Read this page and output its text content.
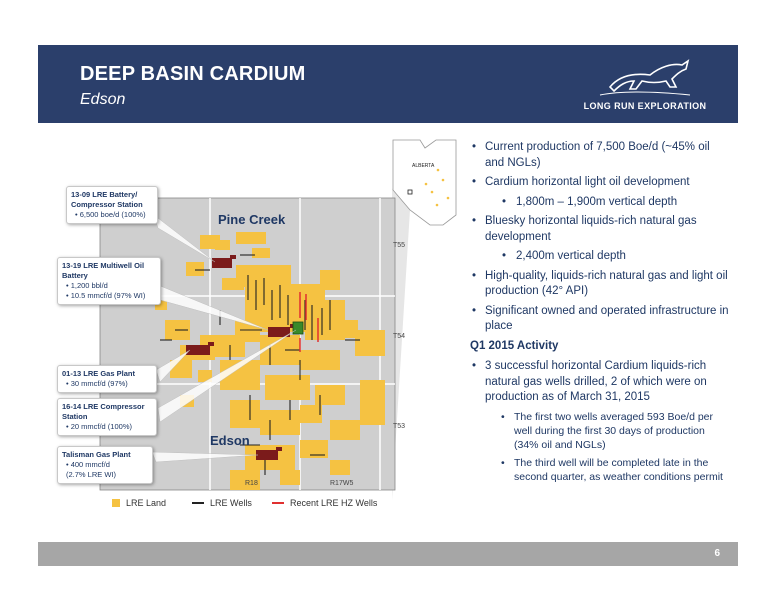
DEEP BASIN CARDIUM
Edson	LONG RUN EXPLORATION
ALBERTA
Pine Creek
Edson
T55
T54
T53
R18	R17W5
13-09 LRE Battery/ Compressor Station
• 6,500 boe/d (100%)
13-19 LRE Multiwell Oil Battery
• 1,200 bbl/d
• 10.5 mmcf/d (97% WI)
01-13 LRE Gas Plant
• 30 mmcf/d (97%)
16-14 LRE Compressor Station
• 20 mmcf/d (100%)
Talisman Gas Plant
• 400 mmcf/d
(2.7% LRE WI)
LRE Land	LRE Wells	Recent LRE HZ Wells
• Current production of 7,500 Boe/d (~45% oil and NGLs)
• Cardium horizontal light oil development
• 1,800m – 1,900m vertical depth
• Bluesky horizontal liquids-rich natural gas development
• 2,400m vertical depth
• High-quality, liquids-rich natural gas and light oil production (42° API)
• Significant owned and operated infrastructure in place
Q1 2015 Activity
• 3 successful horizontal Cardium liquids-rich natural gas wells drilled, 2 of which were on production as of March 31, 2015
• The first two wells averaged 593 Boe/d per well during the first 30 days of production (34% oil and NGLs)
• The third well will be completed late in the second quarter, as weather conditions permit
6
